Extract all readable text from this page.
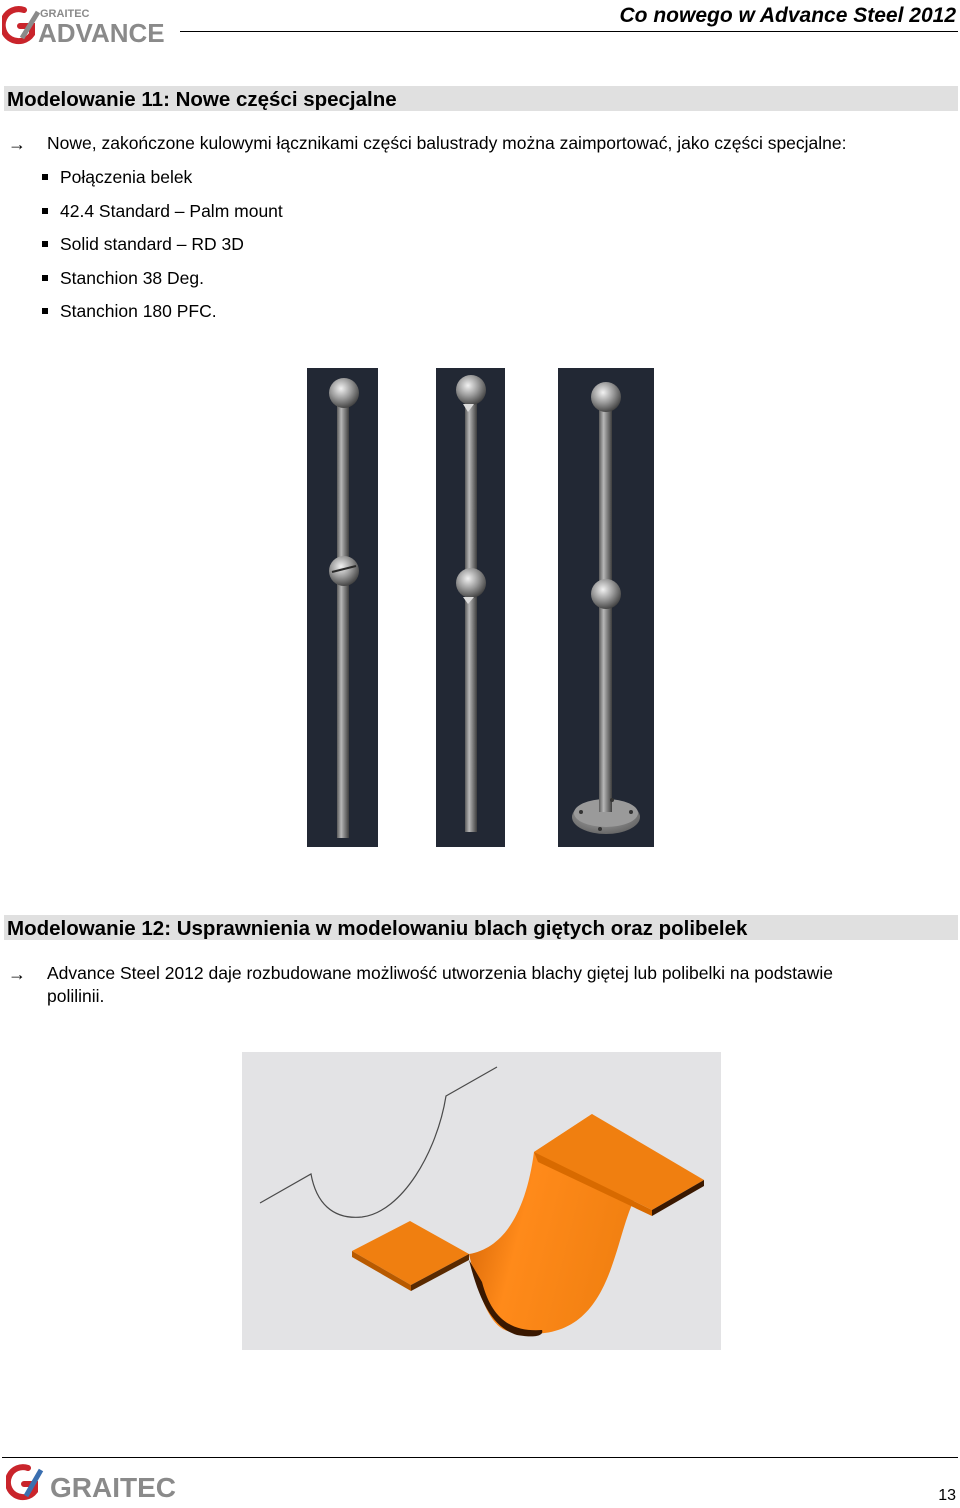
GRAITEC
ADVANCE
Co nowego w Advance Steel 2012
Modelowanie 11: Nowe części specjalne
→ Nowe, zakończone kulowymi łącznikami części balustrady można zaimportować, jako części specjalne:
Połączenia belek
42.4 Standard – Palm mount
Solid standard – RD 3D
Stanchion 38 Deg.
Stanchion 180 PFC.
Modelowanie 12: Usprawnienia w modelowaniu blach giętych oraz polibelek
→ Advance Steel 2012 daje rozbudowane możliwość utworzenia blachy giętej lub polibelki na podstawie
polilinii.
GRAITEC	13
